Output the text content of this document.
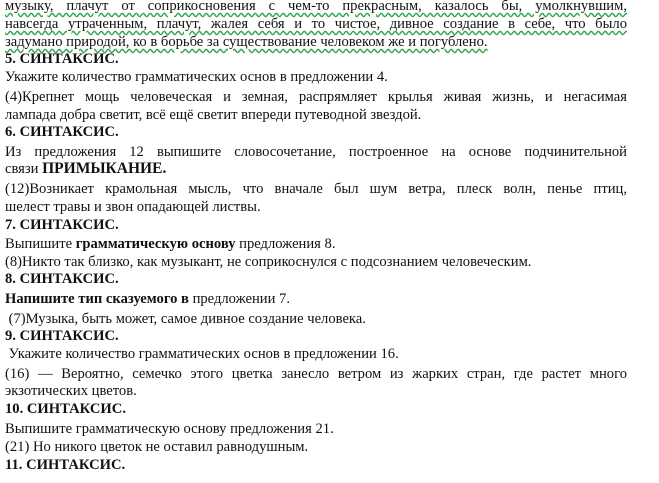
музыку, плачут от соприкосновения с чем-то прекрасным, казалось бы, умолкнувшим,
навсегда утраченным, плачут, жалея себя и то чистое, дивное создание в себе, что было
задумано природой, ко в борьбе за существование человеком же и погублено.
5. СИНТАКСИС.
Укажите количество грамматических основ в предложении 4.
(4)Крепнет мощь человеческая и земная, распрямляет крылья живая жизнь, и негасимая
лампада добра светит, всё ещё светит впереди путеводной звездой.
6. СИНТАКСИС.
Из предложения 12 выпишите словосочетание, построенное на основе подчинительной
связи ПРИМЫКАНИЕ.
(12)Возникает крамольная мысль, что вначале был шум ветра, плеск волн, пенье птиц,
шелест травы и звон опадающей листвы.
7. СИНТАКСИС.
Выпишите грамматическую основу предложения 8.
(8)Никто так близко, как музыкант, не соприкоснулся с подсознанием человеческим.
8. СИНТАКСИС.
Напишите тип сказуемого в предложении 7.
(7)Музыка, быть может, самое дивное создание человека.
9. СИНТАКСИС.
Укажите количество грамматических основ в предложении 16.
(16) — Вероятно, семечко этого цветка занесло ветром из жарких стран, где растет много
экзотических цветов.
10. СИНТАКСИС.
Выпишите грамматическую основу предложения 21.
(21) Но никого цветок не оставил равнодушным.
11. СИНТАКСИС.
